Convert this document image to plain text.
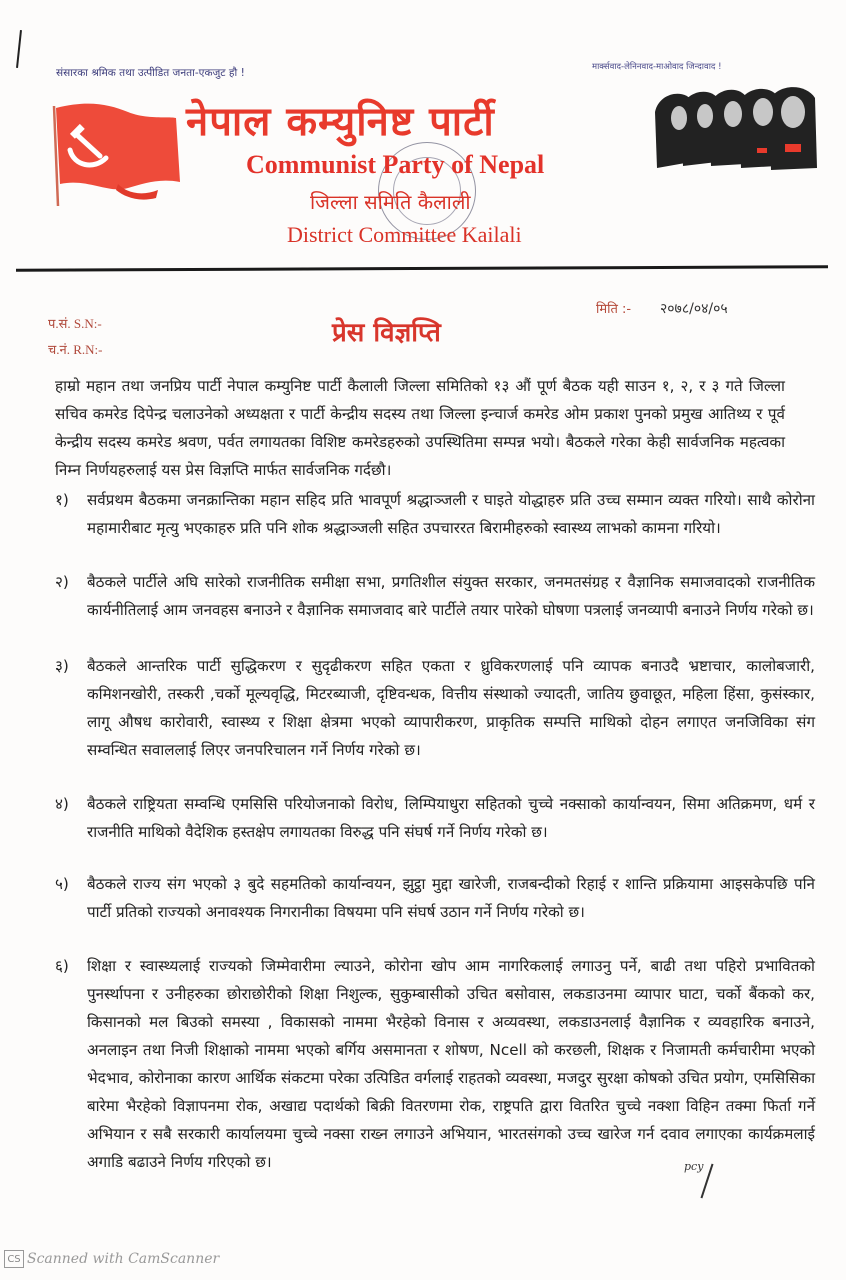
संसारका श्रमिक तथा उत्पीडित जनता-एकजुट हौ !	मार्क्सवाद-लेनिनवाद-माओवाद जिन्दावाद !
नेपाल कम्युनिष्ट पार्टी
Communist Party of Nepal
जिल्ला समिति कैलाली
District Committee Kailali
प.सं. S.N:-
च.नं. R.N:-
प्रेस विज्ञप्ति
मिति :- २०७८/०४/०५
हाम्रो महान तथा जनप्रिय पार्टी नेपाल कम्युनिष्ट पार्टी कैलाली जिल्ला समितिको १३ औं पूर्ण बैठक यही साउन १, २, र ३ गते जिल्ला सचिव कमरेड दिपेन्द्र चलाउनेको अध्यक्षता र पार्टी केन्द्रीय सदस्य तथा जिल्ला इन्चार्ज कमरेड ओम प्रकाश पुनको प्रमुख आतिथ्य र पूर्व केन्द्रीय सदस्य कमरेड श्रवण, पर्वत लगायतका विशिष्ट कमरेडहरुको उपस्थितिमा सम्पन्न भयो। बैठकले गरेका केही सार्वजनिक महत्वका निम्न निर्णयहरुलाई यस प्रेस विज्ञप्ति मार्फत सार्वजनिक गर्दछौ।
१)	सर्वप्रथम बैठकमा जनक्रान्तिका महान सहिद प्रति भावपूर्ण श्रद्धाञ्जली र घाइते योद्धाहरु प्रति उच्च सम्मान व्यक्त गरियो। साथै कोरोना महामारीबाट मृत्यु भएकाहरु प्रति पनि शोक श्रद्धाञ्जली सहित उपचाररत बिरामीहरुको स्वास्थ्य लाभको कामना गरियो।
२)	बैठकले पार्टीले अघि सारेको राजनीतिक समीक्षा सभा, प्रगतिशील संयुक्त सरकार, जनमतसंग्रह र वैज्ञानिक समाजवादको राजनीतिक कार्यनीतिलाई आम जनवहस बनाउने र वैज्ञानिक समाजवाद बारे पार्टीले तयार पारेको घोषणा पत्रलाई जनव्यापी बनाउने निर्णय गरेको छ।
३)	बैठकले आन्तरिक पार्टी सुद्धिकरण र सुदृढीकरण सहित एकता र ध्रुविकरणलाई पनि व्यापक बनाउदै भ्रष्टाचार, कालोबजारी, कमिशनखोरी, तस्करी ,चर्को मूल्यवृद्धि, मिटरब्याजी, दृष्टिवन्धक, वित्तीय संस्थाको ज्यादती, जातिय छुवाछूत, महिला हिंसा, कुसंस्कार, लागू औषध कारोवारी, स्वास्थ्य र शिक्षा क्षेत्रमा भएको व्यापारीकरण, प्राकृतिक सम्पत्ति माथिको दोहन लगाएत जनजिविका संग सम्वन्धित सवाललाई लिएर जनपरिचालन गर्ने निर्णय गरेको छ।
४)	बैठकले राष्ट्रियता सम्वन्धि एमसिसि परियोजनाको विरोध, लिम्पियाधुरा सहितको चुच्चे नक्साको कार्यान्वयन, सिमा अतिक्रमण, धर्म र राजनीति माथिको वैदेशिक हस्तक्षेप लगायतका विरुद्ध पनि संघर्ष गर्ने निर्णय गरेको छ।
५)	बैठकले राज्य संग भएको ३ बुदे सहमतिको कार्यान्वयन, झुट्ठा मुद्दा खारेजी, राजबन्दीको रिहाई र शान्ति प्रक्रियामा आइसकेपछि पनि पार्टी प्रतिको राज्यको अनावश्यक निगरानीका विषयमा पनि संघर्ष उठान गर्ने निर्णय गरेको छ।
६)	शिक्षा र स्वास्थ्यलाई राज्यको जिम्मेवारीमा ल्याउने, कोरोना खोप आम नागरिकलाई लगाउनु पर्ने, बाढी तथा पहिरो प्रभावितको पुनर्स्थापना र उनीहरुका छोराछोरीको शिक्षा निशुल्क, सुकुम्बासीको उचित बसोवास, लकडाउनमा व्यापार घाटा, चर्को बैंकको कर, किसानको मल बिउको समस्या , विकासको नाममा भैरहेको विनास र अव्यवस्था, लकडाउनलाई वैज्ञानिक र व्यवहारिक बनाउने, अनलाइन तथा निजी शिक्षाको नाममा भएको बर्गिय असमानता र शोषण, Ncell को करछली, शिक्षक र निजामती कर्मचारीमा भएको भेदभाव, कोरोनाका कारण आर्थिक संकटमा परेका उत्पिडित वर्गलाई राहतको व्यवस्था, मजदुर सुरक्षा कोषको उचित प्रयोग, एमसिसिका बारेमा भैरहेको विज्ञापनमा रोक, अखाद्य पदार्थको बिक्री वितरणमा रोक, राष्ट्रपति द्वारा वितरित चुच्चे नक्शा विहिन तक्मा फिर्ता गर्ने अभियान र सबै सरकारी कार्यालयमा चुच्चे नक्सा राख्न लगाउने अभियान, भारतसंगको उच्च खारेज गर्न दवाव लगाएका कार्यक्रमलाई अगाडि बढाउने निर्णय गरिएको छ।	pcy
CS Scanned with CamScanner
